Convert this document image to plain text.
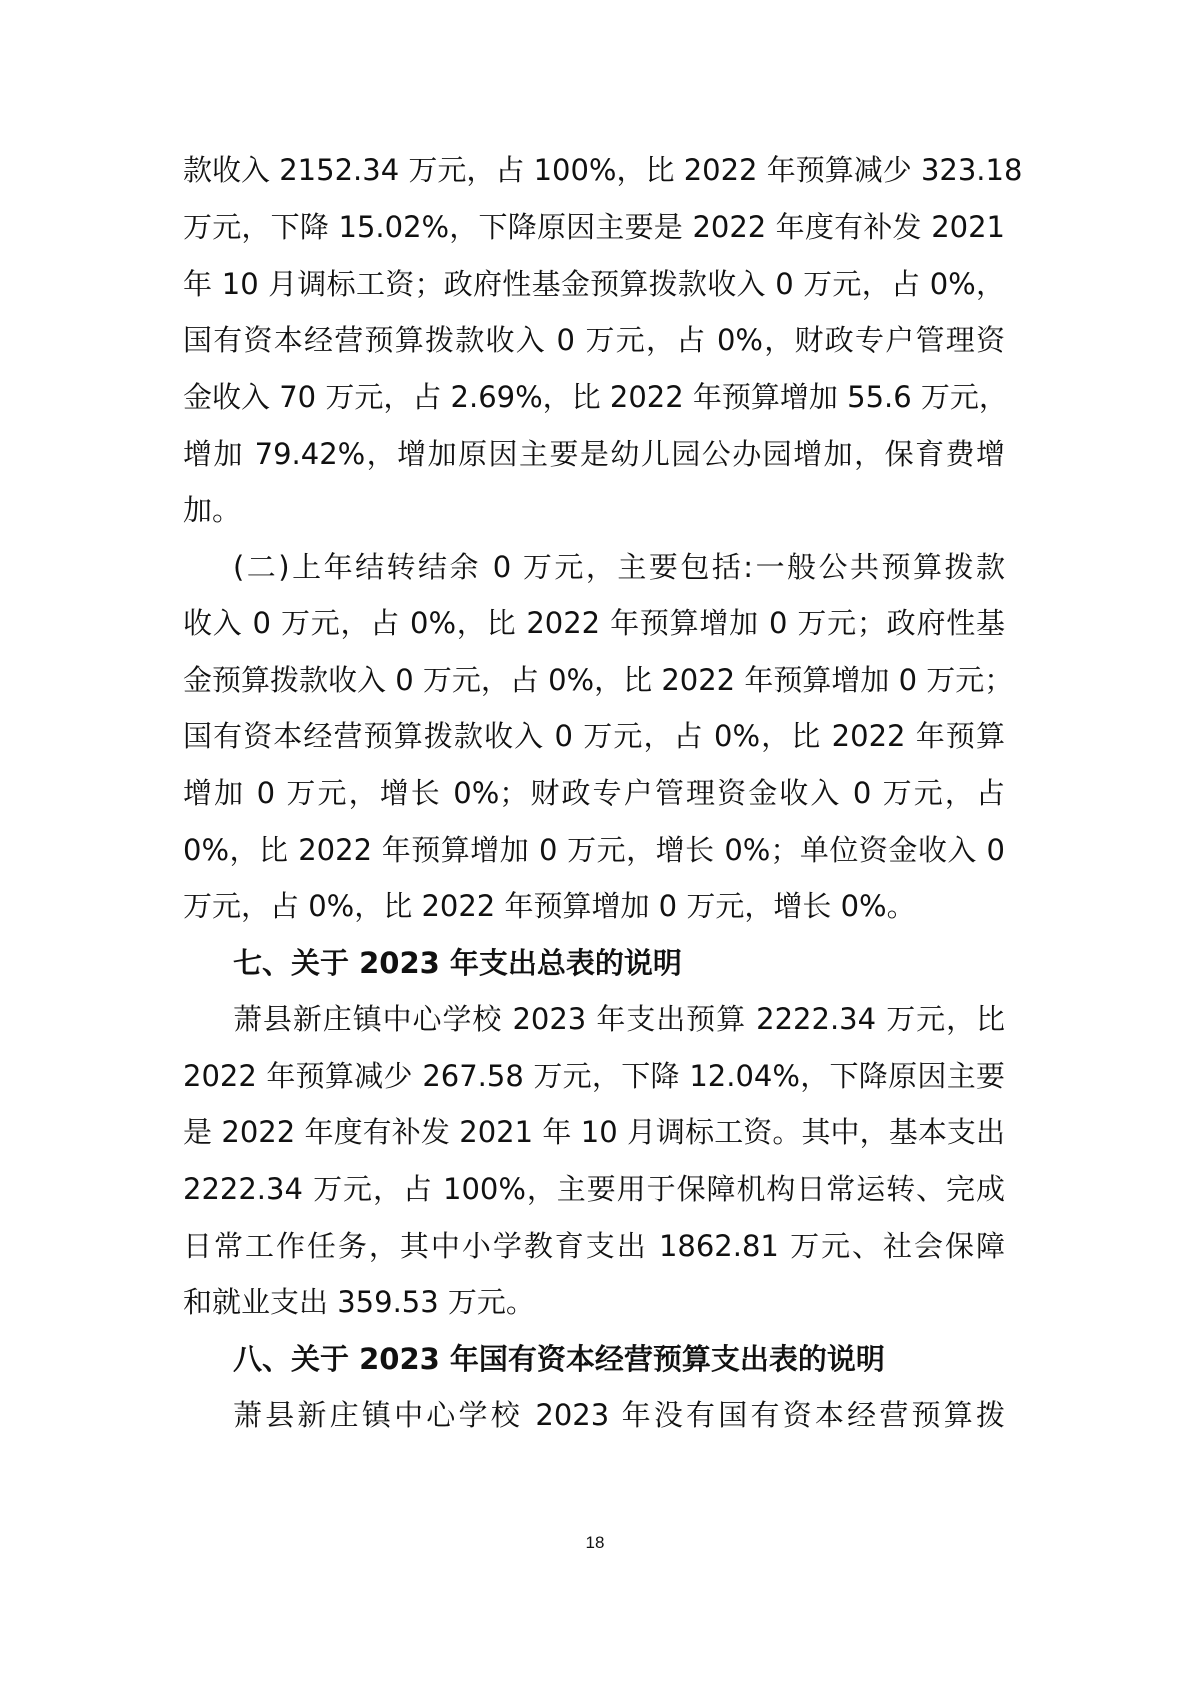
款收入 2152.34 万元，占 100%，比 2022 年预算减少 323.18
万元，下降 15.02%，下降原因主要是 2022 年度有补发 2021
年 10 月调标工资；政府性基金预算拨款收入 0 万元，占 0%，
国有资本经营预算拨款收入 0 万元，占 0%，财政专户管理资
金收入 70 万元，占 2.69%，比 2022 年预算增加 55.6 万元，
增加 79.42%，增加原因主要是幼儿园公办园增加，保育费增
加。
(二)上年结转结余 0 万元，主要包括:一般公共预算拨款
收入 0 万元，占 0%，比 2022 年预算增加 0 万元；政府性基
金预算拨款收入 0 万元，占 0%，比 2022 年预算增加 0 万元；
国有资本经营预算拨款收入 0 万元，占 0%，比 2022 年预算
增加 0 万元，增长 0%；财政专户管理资金收入 0 万元，占
0%，比 2022 年预算增加 0 万元，增长 0%；单位资金收入 0
万元，占 0%，比 2022 年预算增加 0 万元，增长 0%。
七、关于 2023 年支出总表的说明
萧县新庄镇中心学校 2023 年支出预算 2222.34 万元，比
2022 年预算减少 267.58 万元，下降 12.04%，下降原因主要
是 2022 年度有补发 2021 年 10 月调标工资。其中，基本支出
2222.34 万元，占 100%，主要用于保障机构日常运转、完成
日常工作任务，其中小学教育支出 1862.81 万元、社会保障
和就业支出 359.53 万元。
八、关于 2023 年国有资本经营预算支出表的说明
萧县新庄镇中心学校 2023 年没有国有资本经营预算拨
18
